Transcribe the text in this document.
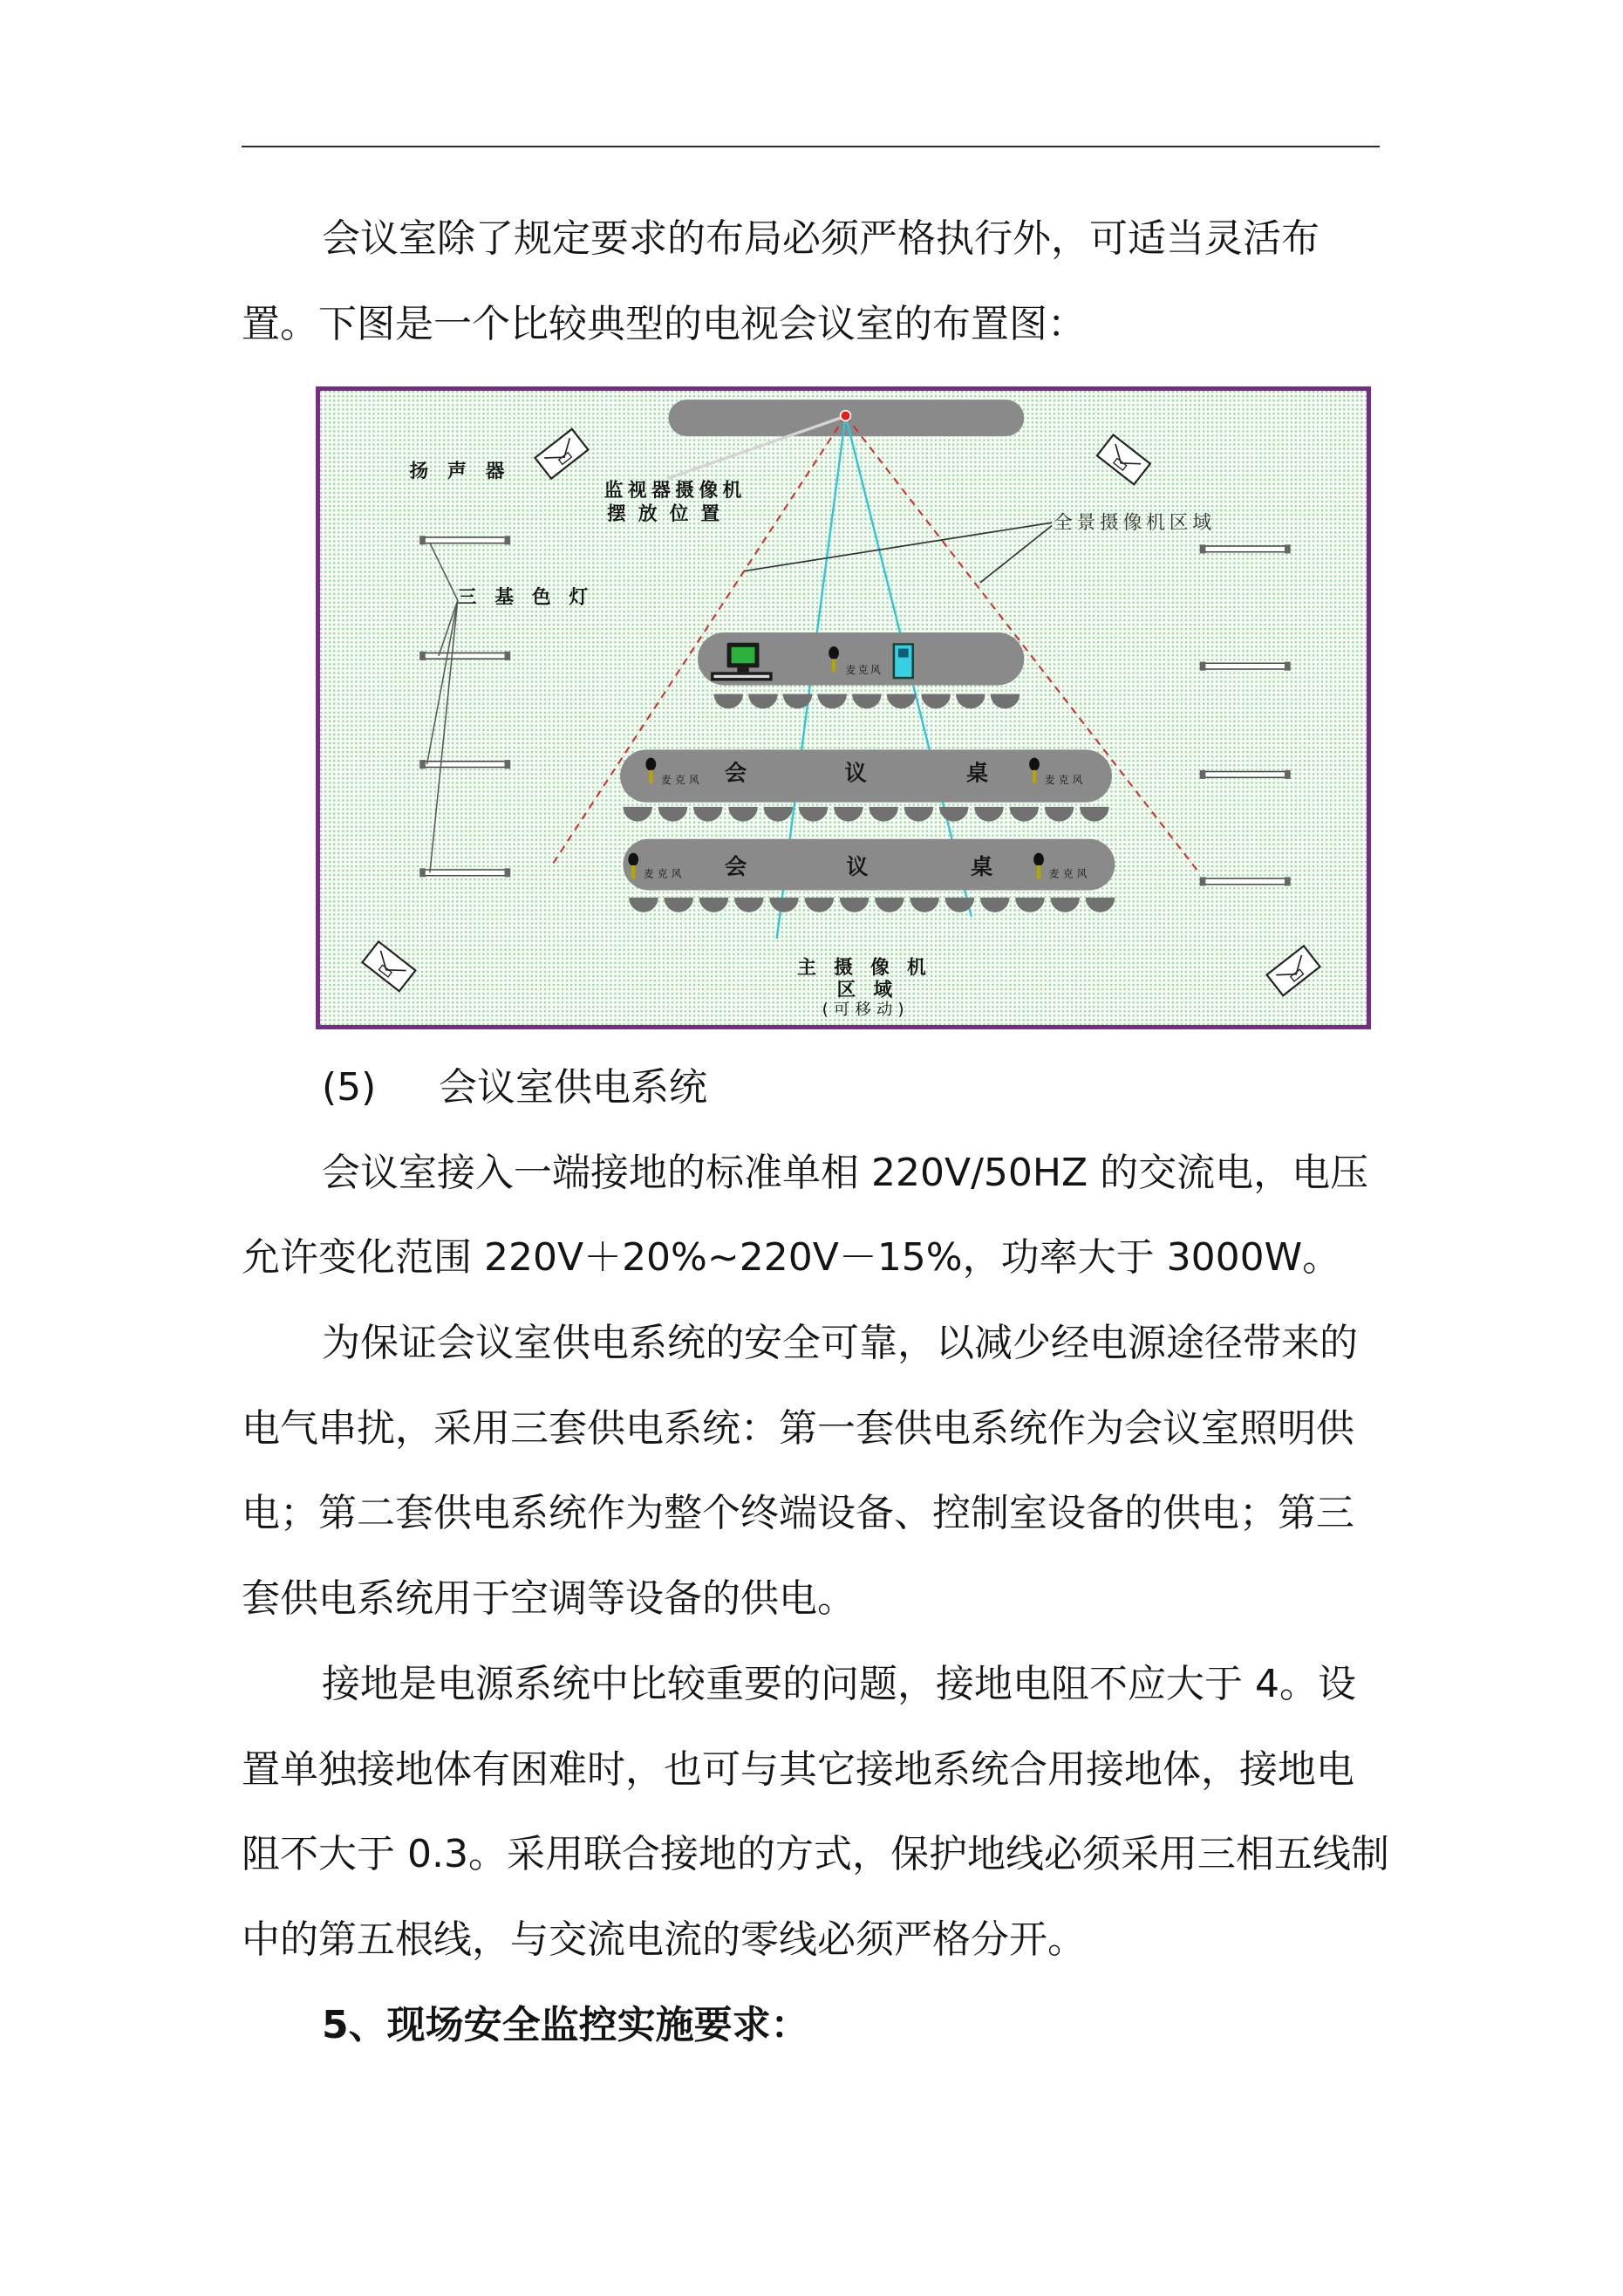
会议室除了规定要求的布局必须严格执行外，可适当灵活布
置。下图是一个比较典型的电视会议室的布置图：
扬 声 器
监视器摄像机
摆放位置	全景摄像机区域
三 基 色 灯
麦克风
会	议	桌
麦克风	麦克风
会	议	桌
麦克风	麦克风
主 摄 像 机
区 域
(可移动)
(5) 会议室供电系统
会议室接入一端接地的标准单相 220V/50HZ 的交流电，电压
允许变化范围 220V＋20%~220V－15%，功率大于 3000W。
为保证会议室供电系统的安全可靠，以减少经电源途径带来的
电气串扰，采用三套供电系统：第一套供电系统作为会议室照明供
电；第二套供电系统作为整个终端设备、控制室设备的供电；第三
套供电系统用于空调等设备的供电。
接地是电源系统中比较重要的问题，接地电阻不应大于 4。设
置单独接地体有困难时，也可与其它接地系统合用接地体，接地电
阻不大于 0.3。采用联合接地的方式，保护地线必须采用三相五线制
中的第五根线，与交流电流的零线必须严格分开。
5、现场安全监控实施要求：
